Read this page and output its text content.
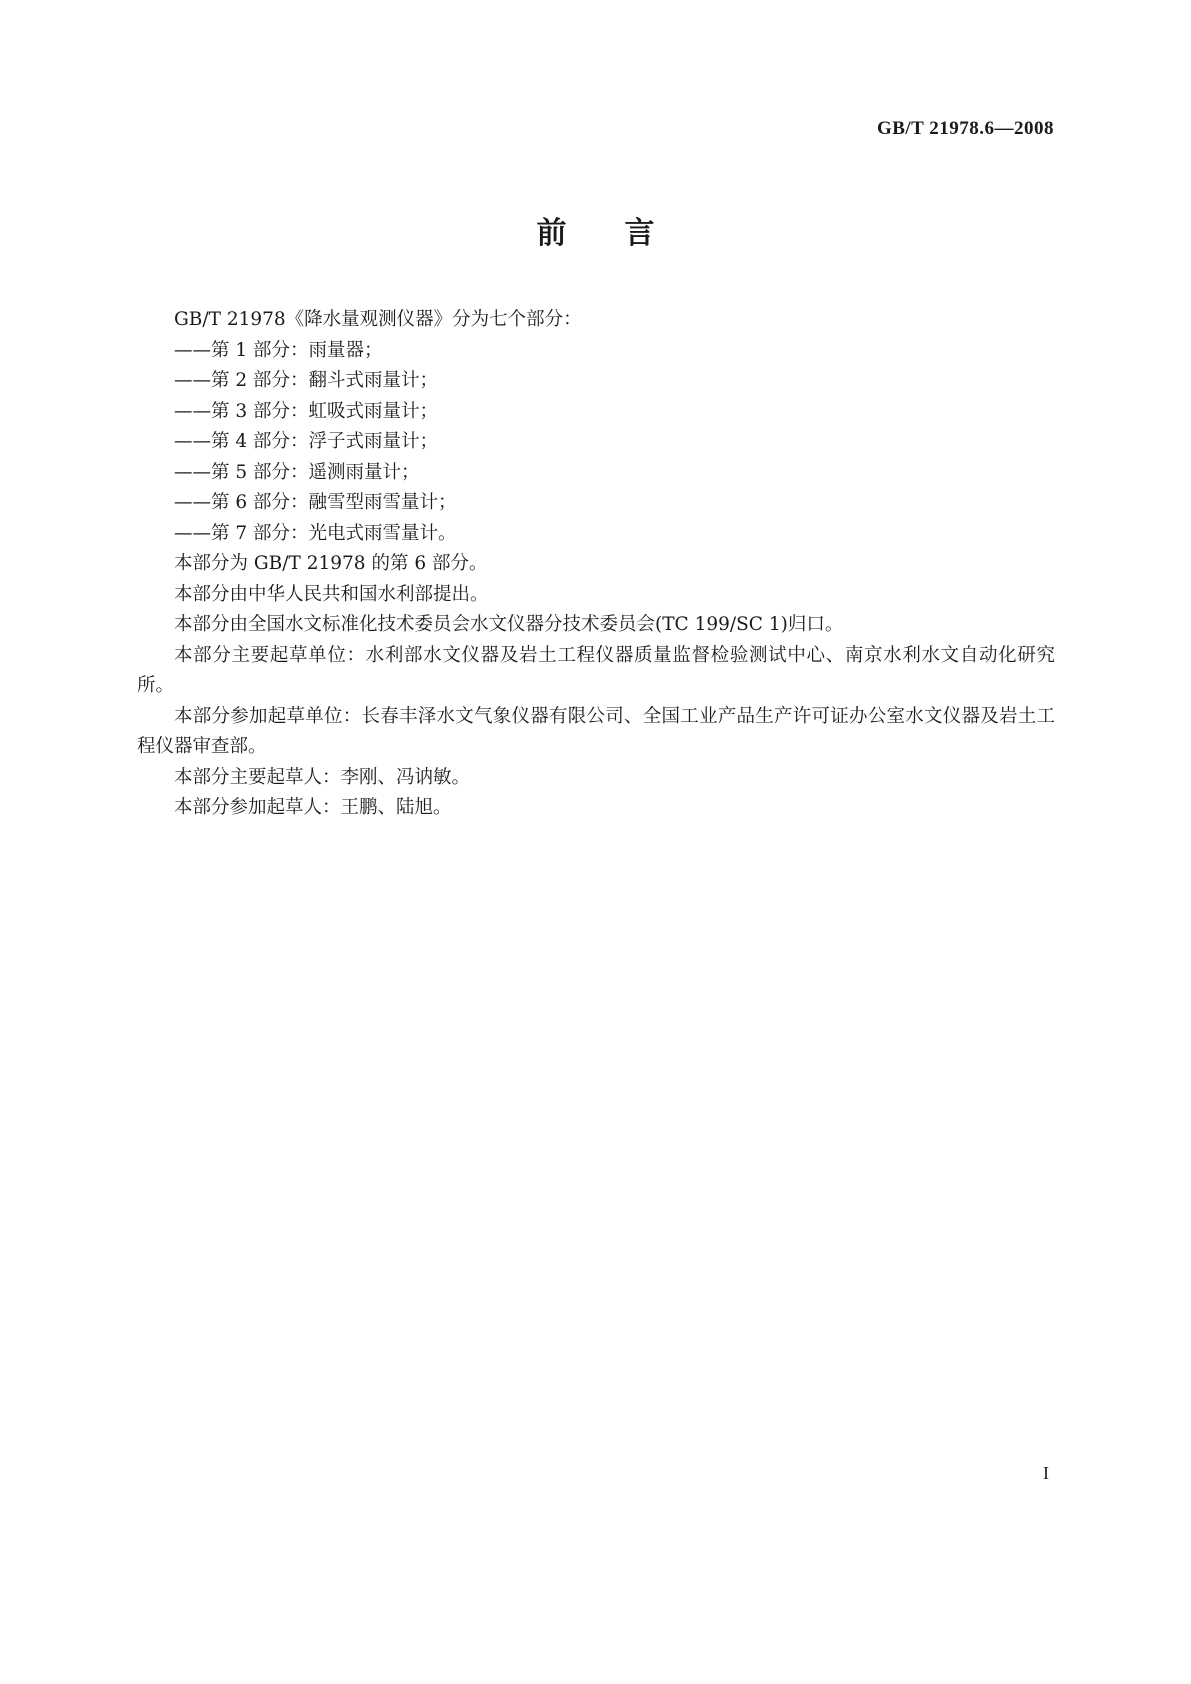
GB/T 21978.6—2008
前言

GB/T 21978《降水量观测仪器》分为七个部分：

——第 1 部分：雨量器；

——第 2 部分：翻斗式雨量计；

——第 3 部分：虹吸式雨量计；

——第 4 部分：浮子式雨量计；

——第 5 部分：遥测雨量计；

——第 6 部分：融雪型雨雪量计；

——第 7 部分：光电式雨雪量计。

本部分为 GB/T 21978 的第 6 部分。

本部分由中华人民共和国水利部提出。

本部分由全国水文标准化技术委员会水文仪器分技术委员会(TC 199/SC 1)归口。

本部分主要起草单位：水利部水文仪器及岩土工程仪器质量监督检验测试中心、南京水利水文自动化研究所。

本部分参加起草单位：长春丰泽水文气象仪器有限公司、全国工业产品生产许可证办公室水文仪器及岩土工程仪器审查部。

本部分主要起草人：李刚、冯讷敏。

本部分参加起草人：王鹏、陆旭。

I
